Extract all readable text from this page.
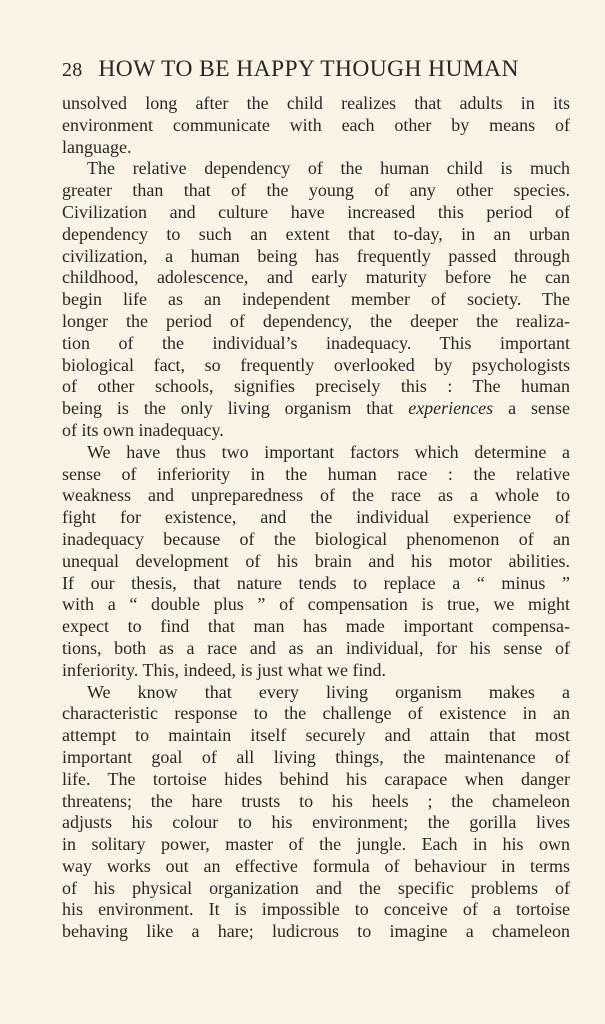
28 HOW TO BE HAPPY THOUGH HUMAN
unsolved long after the child realizes that adults in its
environment communicate with each other by means of
language.
The relative dependency of the human child is much
greater than that of the young of any other species.
Civilization and culture have increased this period of
dependency to such an extent that to-day, in an urban
civilization, a human being has frequently passed through
childhood, adolescence, and early maturity before he can
begin life as an independent member of society. The
longer the period of dependency, the deeper the realiza-
tion of the individual’s inadequacy. This important
biological fact, so frequently overlooked by psychologists
of other schools, signifies precisely this : The human
being is the only living organism that experiences a sense
of its own inadequacy.
We have thus two important factors which determine a
sense of inferiority in the human race : the relative
weakness and unpreparedness of the race as a whole to
fight for existence, and the individual experience of
inadequacy because of the biological phenomenon of an
unequal development of his brain and his motor abilities.
If our thesis, that nature tends to replace a “ minus ”
with a “ double plus ” of compensation is true, we might
expect to find that man has made important compensa-
tions, both as a race and as an individual, for his sense of
inferiority. This, indeed, is just what we find.
We know that every living organism makes a
characteristic response to the challenge of existence in an
attempt to maintain itself securely and attain that most
important goal of all living things, the maintenance of
life. The tortoise hides behind his carapace when danger
threatens; the hare trusts to his heels ; the chameleon
adjusts his colour to his environment; the gorilla lives
in solitary power, master of the jungle. Each in his own
way works out an effective formula of behaviour in terms
of his physical organization and the specific problems of
his environment. It is impossible to conceive of a tortoise
behaving like a hare; ludicrous to imagine a chameleon
